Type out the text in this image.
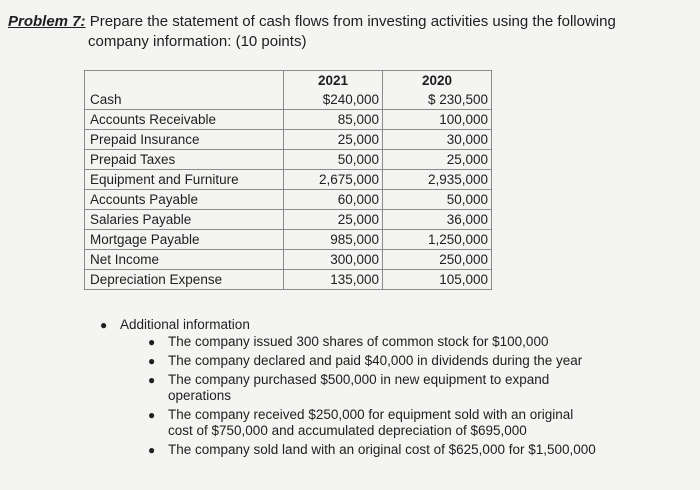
Problem 7: Prepare the statement of cash flows from investing activities using the following
company information: (10 points)
	2021	2020
Cash	$240,000	$ 230,500
Accounts Receivable	85,000	100,000
Prepaid Insurance	25,000	30,000
Prepaid Taxes	50,000	25,000
Equipment and Furniture	2,675,000	2,935,000
Accounts Payable	60,000	50,000
Salaries Payable	25,000	36,000
Mortgage Payable	985,000	1,250,000
Net Income	300,000	250,000
Depreciation Expense	135,000	105,000
● Additional information
● The company issued 300 shares of common stock for $100,000
● The company declared and paid $40,000 in dividends during the year
● The company purchased $500,000 in new equipment to expand operations
● The company received $250,000 for equipment sold with an original cost of $750,000 and accumulated depreciation of $695,000
● The company sold land with an original cost of $625,000 for $1,500,000
